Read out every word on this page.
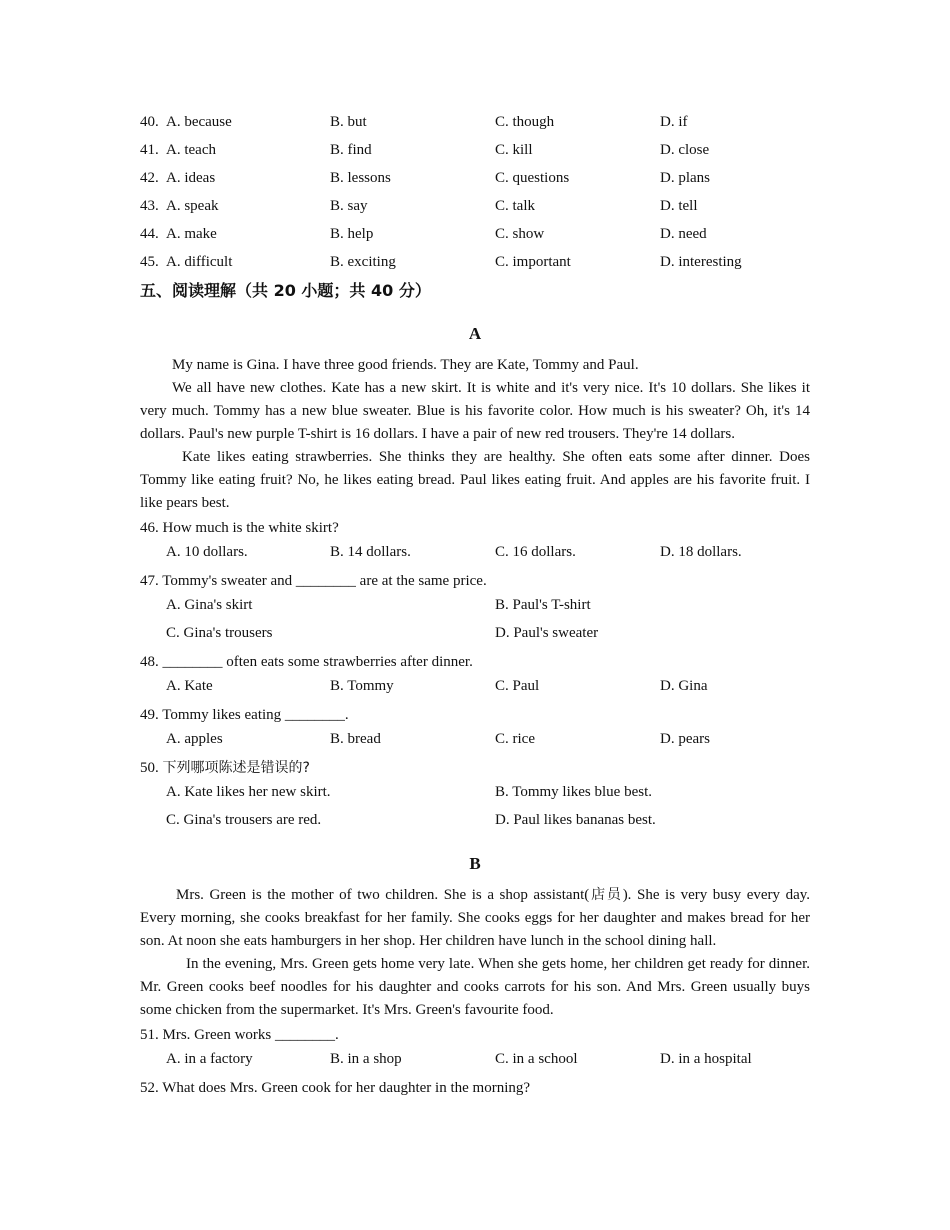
40. A. because	B. but	C. though	D. if
41. A. teach	B. find	C. kill	D. close
42. A. ideas	B. lessons	C. questions	D. plans
43. A. speak	B. say	C. talk	D. tell
44. A. make	B. help	C. show	D. need
45. A. difficult	B. exciting	C. important	D. interesting
五、阅读理解（共 20 小题；共 40 分）
A

My name is Gina. I have three good friends. They are Kate, Tommy and Paul.

We all have new clothes. Kate has a new skirt. It is white and it's very nice. It's 10 dollars. She likes it very much. Tommy has a new blue sweater. Blue is his favorite color. How much is his sweater? Oh, it's 14 dollars. Paul's new purple T-shirt is 16 dollars. I have a pair of new red trousers. They're 14 dollars.

Kate likes eating strawberries. She thinks they are healthy. She often eats some after dinner. Does Tommy like eating fruit? No, he likes eating bread. Paul likes eating fruit. And apples are his favorite fruit. I like pears best.

46. How much is the white skirt?
A. 10 dollars.	B. 14 dollars.	C. 16 dollars.	D. 18 dollars.
47. Tommy's sweater and ________ are at the same price.
A. Gina's skirt	B. Paul's T-shirt
C. Gina's trousers	D. Paul's sweater
48. ________ often eats some strawberries after dinner.
A. Kate	B. Tommy	C. Paul	D. Gina
49. Tommy likes eating ________.
A. apples	B. bread	C. rice	D. pears
50. 下列哪项陈述是错误的?
A. Kate likes her new skirt.	B. Tommy likes blue best.
C. Gina's trousers are red.	D. Paul likes bananas best.
B

Mrs. Green is the mother of two children. She is a shop assistant(店员). She is very busy every day. Every morning, she cooks breakfast for her family. She cooks eggs for her daughter and makes bread for her son. At noon she eats hamburgers in her shop. Her children have lunch in the school dining hall.

In the evening, Mrs. Green gets home very late. When she gets home, her children get ready for dinner. Mr. Green cooks beef noodles for his daughter and cooks carrots for his son. And Mrs. Green usually buys some chicken from the supermarket. It's Mrs. Green's favourite food.

51. Mrs. Green works ________.
A. in a factory	B. in a shop	C. in a school	D. in a hospital
52. What does Mrs. Green cook for her daughter in the morning?
